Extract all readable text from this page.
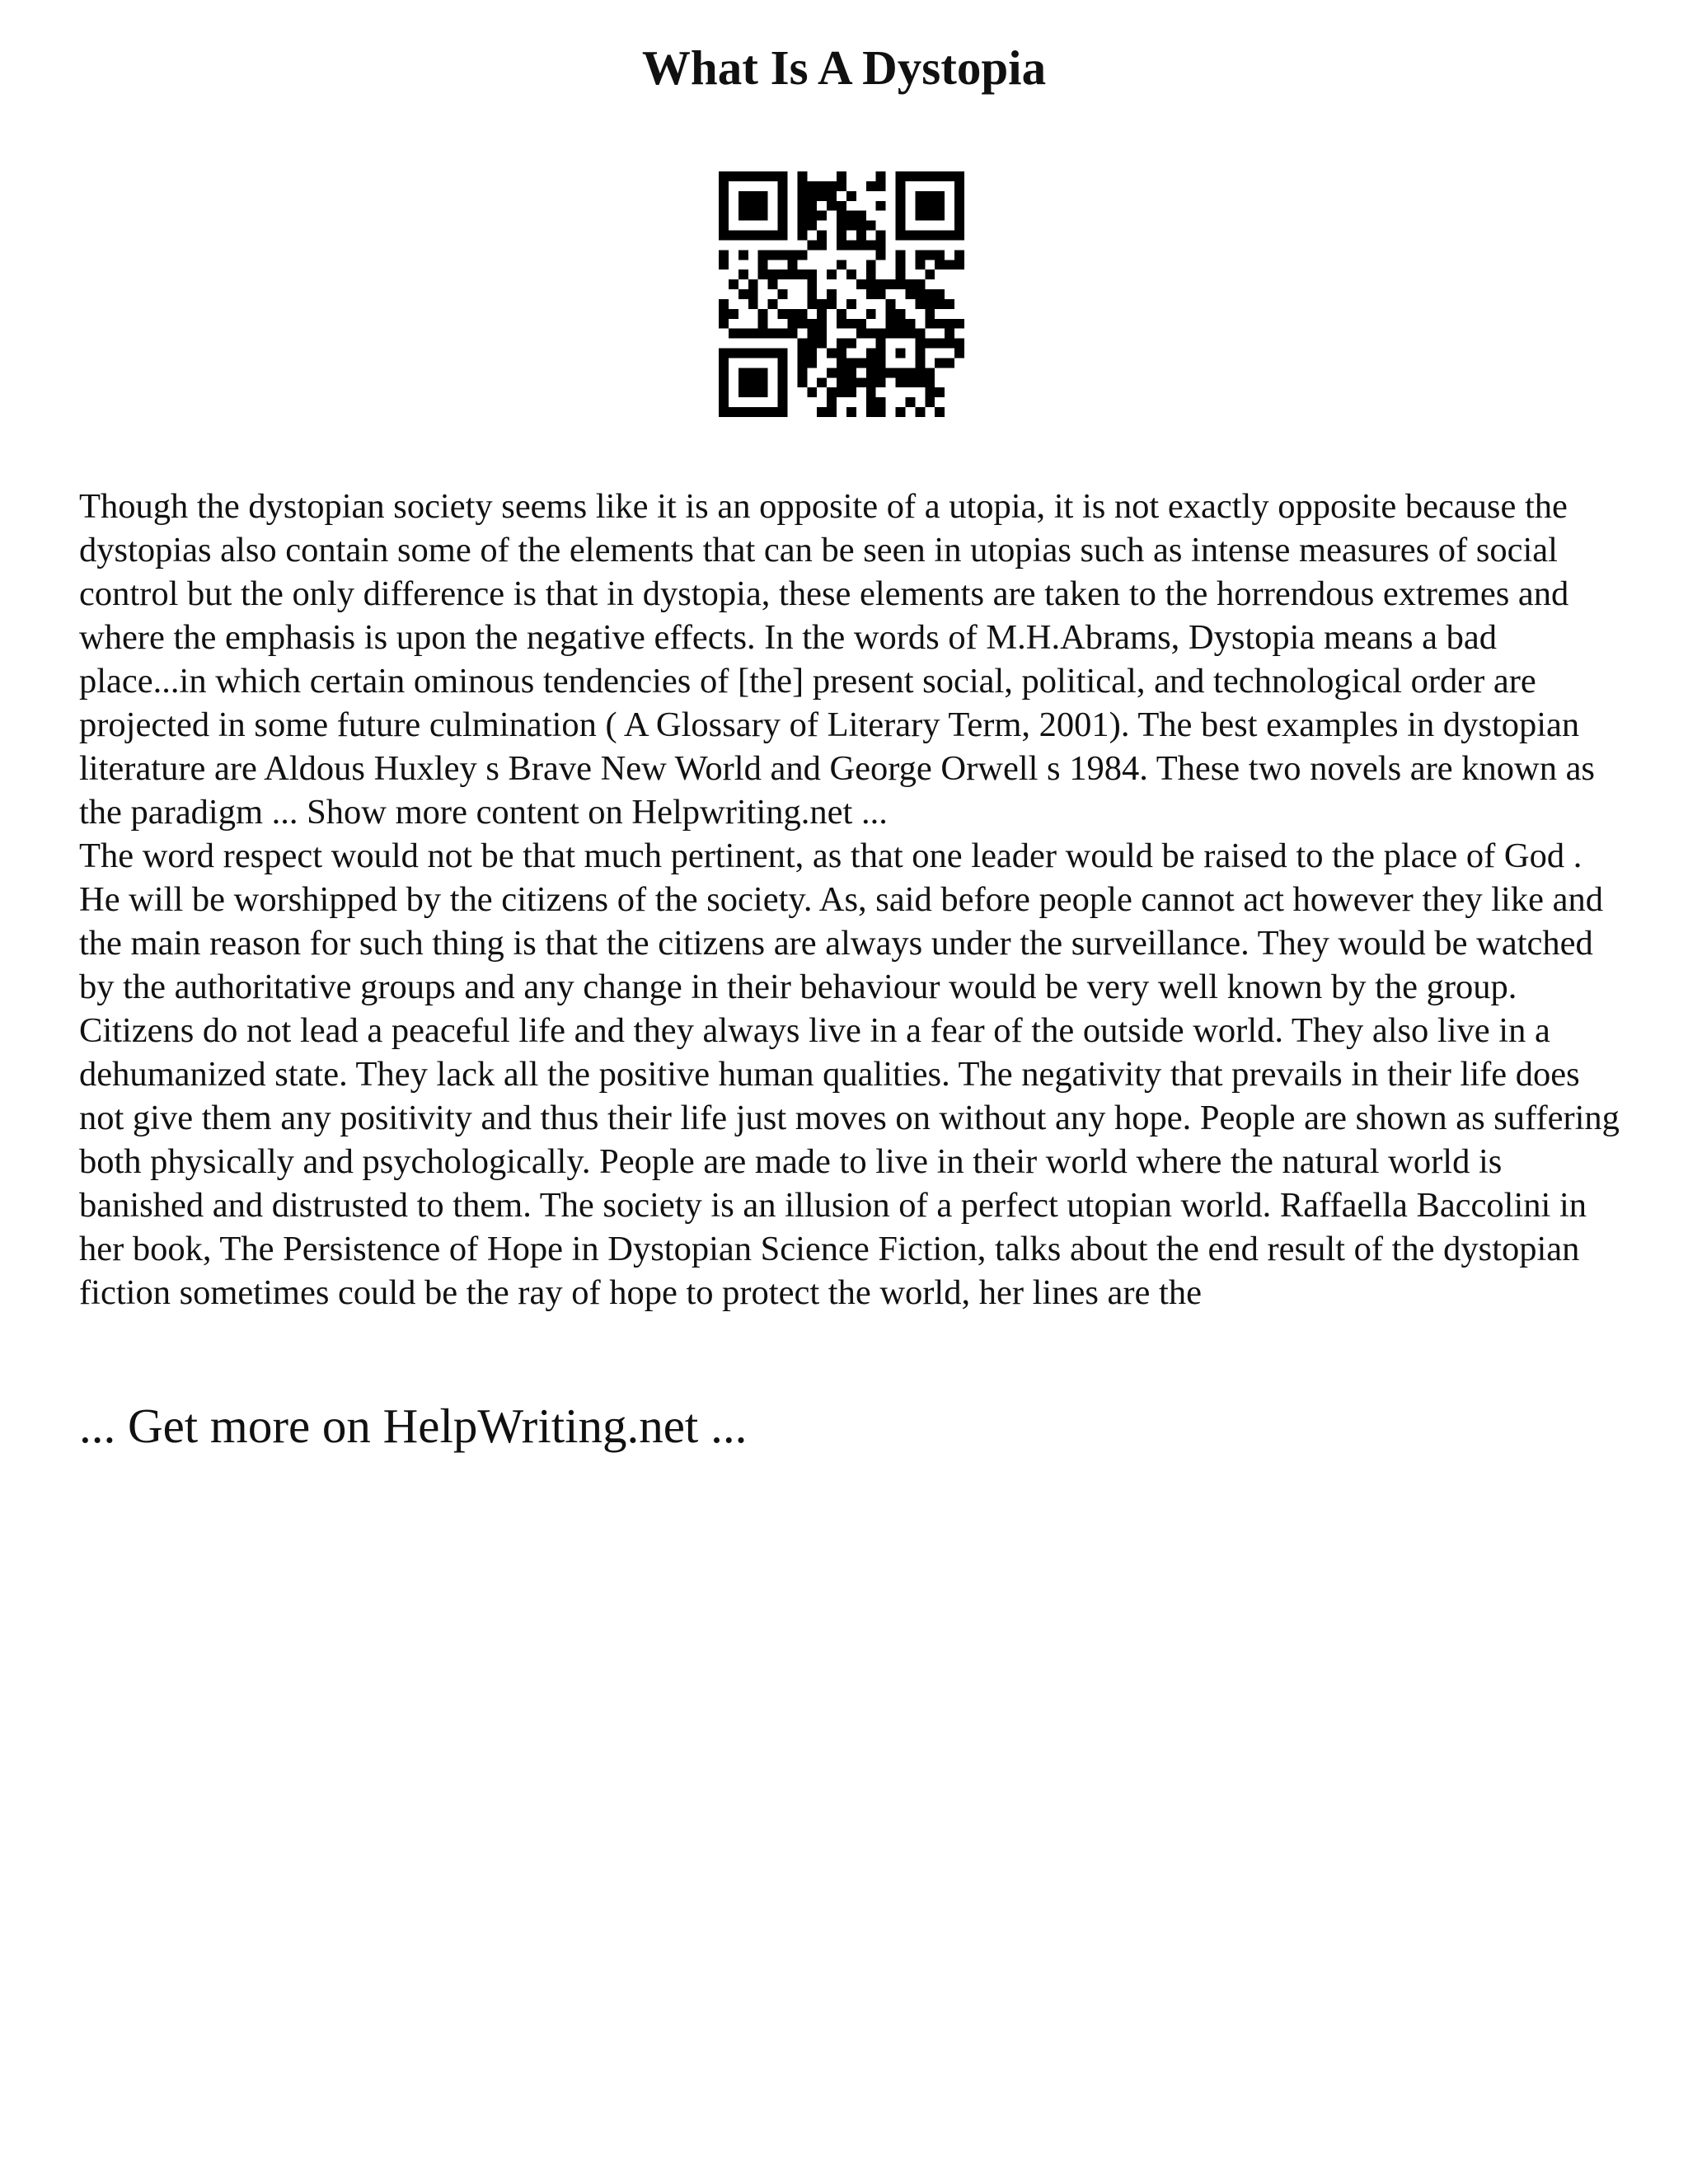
What Is A Dystopia

Though the dystopian society seems like it is an opposite of a utopia, it is not exactly opposite because the dystopias also contain some of the elements that can be seen in utopias such as intense measures of social control but the only difference is that in dystopia, these elements are taken to the horrendous extremes and where the emphasis is upon the negative effects. In the words of M.H.Abrams, Dystopia means a bad place...in which certain ominous tendencies of [the] present social, political, and technological order are projected in some future culmination ( A Glossary of Literary Term, 2001). The best examples in dystopian literature are Aldous Huxley s Brave New World and George Orwell s 1984. These two novels are known as the paradigm ... Show more content on Helpwriting.net ...

The word respect would not be that much pertinent, as that one leader would be raised to the place of God . He will be worshipped by the citizens of the society. As, said before people cannot act however they like and the main reason for such thing is that the citizens are always under the surveillance. They would be watched by the authoritative groups and any change in their behaviour would be very well known by the group. Citizens do not lead a peaceful life and they always live in a fear of the outside world. They also live in a dehumanized state. They lack all the positive human qualities. The negativity that prevails in their life does not give them any positivity and thus their life just moves on without any hope. People are shown as suffering both physically and psychologically. People are made to live in their world where the natural world is banished and distrusted to them. The society is an illusion of a perfect utopian world. Raffaella Baccolini in her book, The Persistence of Hope in Dystopian Science Fiction, talks about the end result of the dystopian fiction sometimes could be the ray of hope to protect the world, her lines are the

... Get more on HelpWriting.net ...
